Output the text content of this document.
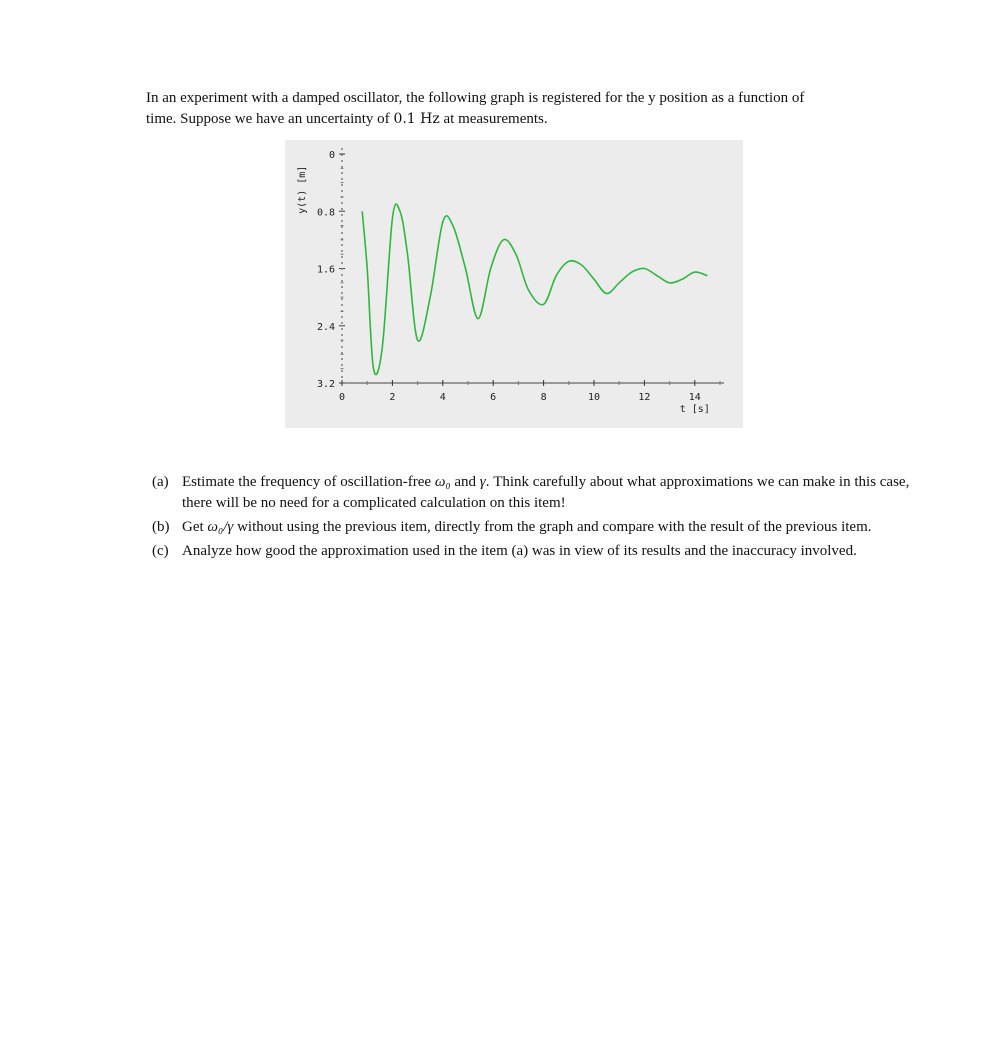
In an experiment with a damped oscillator, the following graph is registered for the y position as a function of
time. Suppose we have an uncertainty of 0.1 Hz at measurements.
0
0.8
1.6
2.4
3.2
0	2	4	6	8	10	12	14
t [s]
y(t) [m]
(a) Estimate the frequency of oscillation-free ω₀ and γ. Think carefully about what approximations we can make in this case, there will be no need for a complicated calculation on this item!
(b) Get ω₀/γ without using the previous item, directly from the graph and compare with the result of the previous item.
(c) Analyze how good the approximation used in the item (a) was in view of its results and the inaccuracy involved.
